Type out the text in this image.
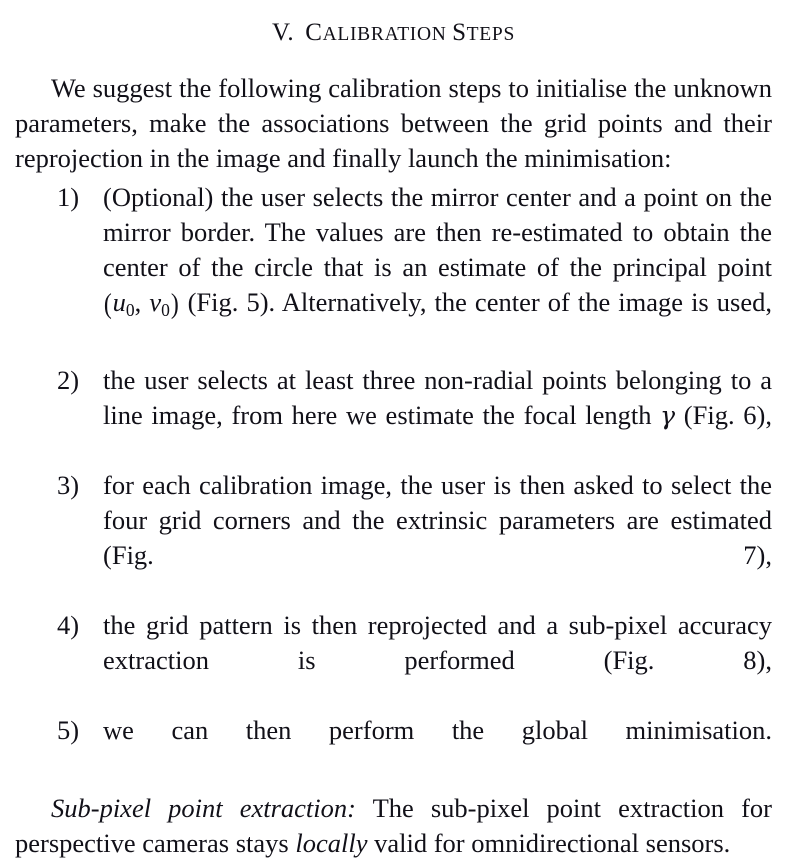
V. CALIBRATION STEPS

We suggest the following calibration steps to initialise the unknown parameters, make the associations between the grid points and their reprojection in the image and finally launch the minimisation:

1) (Optional) the user selects the mirror center and a point on the mirror border. The values are then re-estimated to obtain the center of the circle that is an estimate of the principal point ($u_0$, $v_0$) (Fig. 5). Alternatively, the center of the image is used,
2) the user selects at least three non-radial points belonging to a line image, from here we estimate the focal length γ (Fig. 6),
3) for each calibration image, the user is then asked to select the four grid corners and the extrinsic parameters are estimated (Fig. 7),
4) the grid pattern is then reprojected and a sub-pixel accuracy extraction is performed (Fig. 8),
5) we can then perform the global minimisation.

Sub-pixel point extraction: The sub-pixel point extraction for perspective cameras stays locally valid for omnidirectional sensors.
